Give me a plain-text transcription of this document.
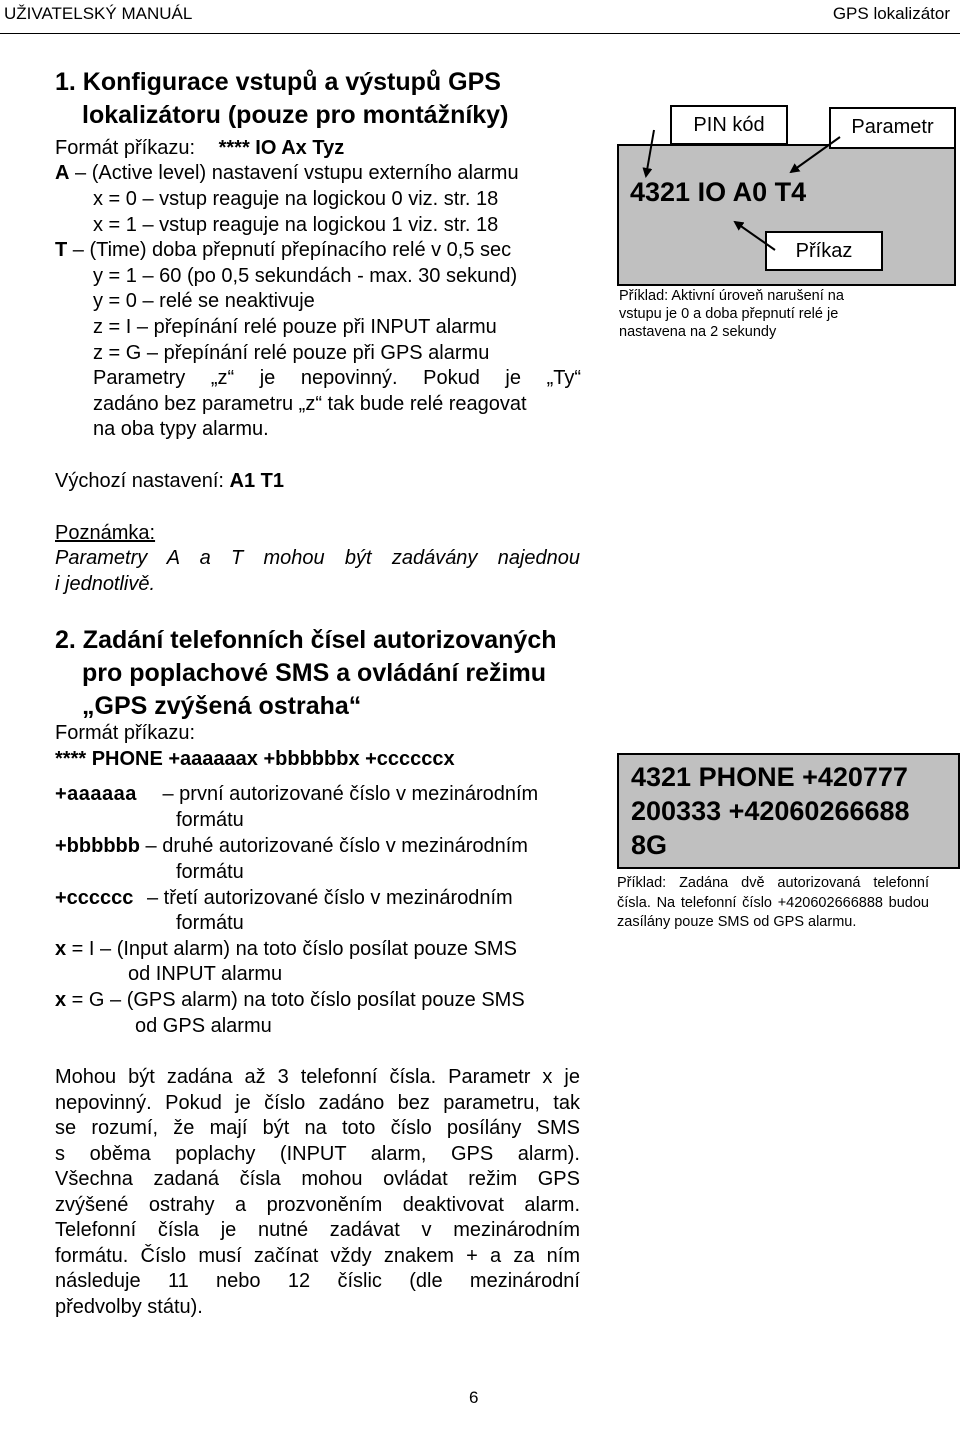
UŽIVATELSKÝ MANUÁL	GPS lokalizátor
1. Konfigurace vstupů a výstupů GPS
lokalizátoru (pouze pro montážníky)
Formát příkazu: **** IO Ax Tyz
A – (Active level) nastavení vstupu externího alarmu
x = 0 – vstup reaguje na logickou 0 viz. str. 18
x = 1 – vstup reaguje na logickou 1 viz. str. 18
T – (Time) doba přepnutí přepínacího relé v 0,5 sec
y = 1 – 60 (po 0,5 sekundách - max. 30 sekund)
y = 0 – relé se neaktivuje
z = I – přepínání relé pouze při INPUT alarmu
z = G – přepínání relé pouze při GPS alarmu
Parametry „z“ je nepovinný. Pokud je „Ty“
zadáno bez parametru „z“ tak bude relé reagovat
na oba typy alarmu.
Výchozí nastavení: A1 T1
Poznámka:
Parametry A a T mohou být zadávány najednou
i jednotlivě.
4321 IO A0 T4
PIN kód	Parametr
Příkaz
Příklad: Aktivní úroveň narušení na
vstupu je 0 a doba přepnutí relé je
nastavena na 2 sekundy
2. Zadání telefonních čísel autorizovaných
pro poplachové SMS a ovládání režimu
„GPS zvýšená ostraha“
Formát příkazu:
**** PHONE +aaaaaax +bbbbbbx +ccccccx
+aaaaaa – první autorizované číslo v mezinárodním
formátu
+bbbbbb – druhé autorizované číslo v mezinárodním
formátu
+cccccc – třetí autorizované číslo v mezinárodním
formátu
x = I – (Input alarm) na toto číslo posílat pouze SMS
od INPUT alarmu
x = G – (GPS alarm) na toto číslo posílat pouze SMS
od GPS alarmu
Mohou být zadána až 3 telefonní čísla. Parametr x je
nepovinný. Pokud je číslo zadáno bez parametru, tak
se rozumí, že mají být na toto číslo posílány SMS
s oběma poplachy (INPUT alarm, GPS alarm).
Všechna zadaná čísla mohou ovládat režim GPS
zvýšené ostrahy a prozvoněním deaktivovat alarm.
Telefonní čísla je nutné zadávat v mezinárodním
formátu. Číslo musí začínat vždy znakem + a za ním
následuje 11 nebo 12 číslic (dle mezinárodní
předvolby státu).
4321 PHONE +420777
200333 +42060266688
8G
Příklad: Zadána dvě autorizovaná telefonní čísla. Na telefonní číslo +420602666888 budou zasílány pouze SMS od GPS alarmu.
6
